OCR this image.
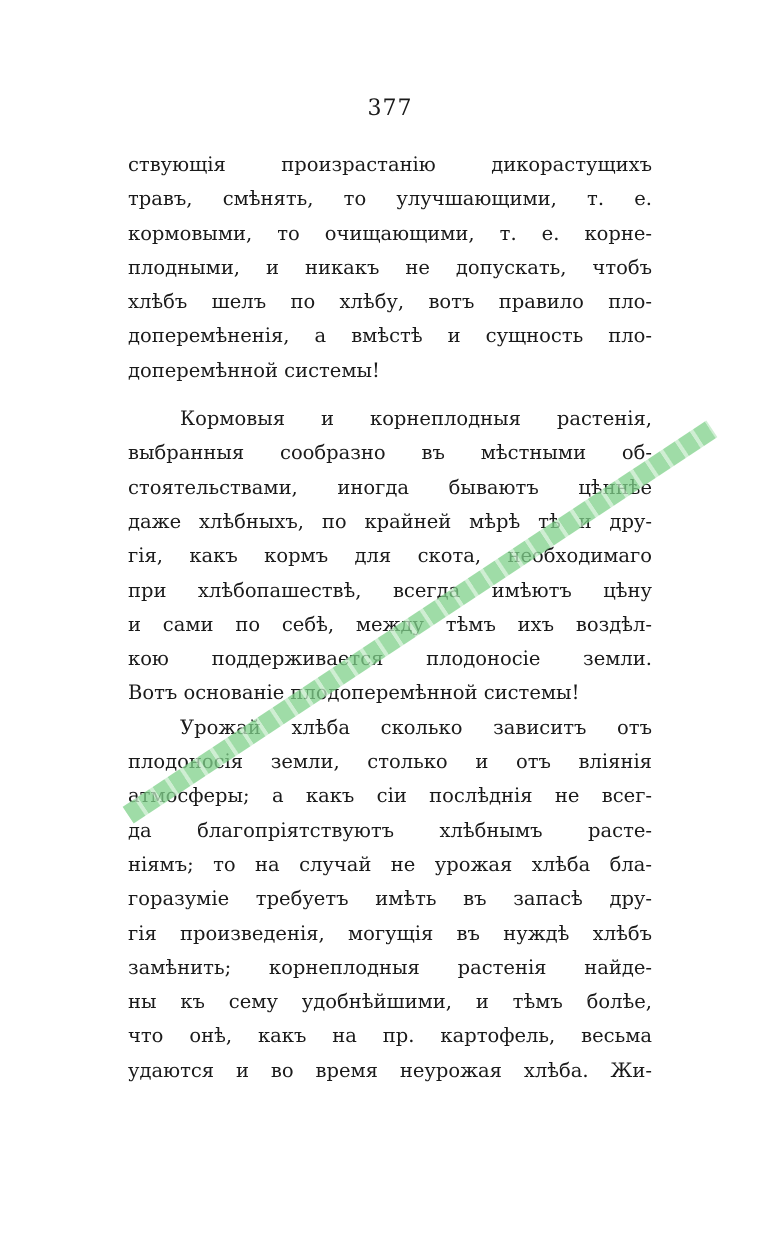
377
ствующія произрастанію дикорастущихъ
травъ, смѣнять, то улучшающими, т. е.
кормовыми, то очищающими, т. е. корне-
плодными, и никакъ не допускать, чтобъ
хлѣбъ шелъ по хлѣбу, вотъ правило пло-
доперемѣненія, а вмѣстѣ и сущность пло-
доперемѣнной системы!
Кормовыя и корнеплодныя растенія,
выбранныя сообразно въ мѣстными об-
стоятельствами, иногда бываютъ цѣннѣе
даже хлѣбныхъ, по крайней мѣрѣ тѣ и дру-
гія, какъ кормъ для скота, необходимаго
при хлѣбопашествѣ, всегда имѣютъ цѣну
и сами по себѣ, между тѣмъ ихъ воздѣл-
кою поддерживается плодоносіе земли.
Вотъ основаніе плодоперемѣнной системы!
Урожай хлѣба сколько зависитъ отъ
плодоносія земли, столько и отъ вліянія
атмосферы; а какъ сіи послѣднія не всег-
да благопріятствуютъ хлѣбнымъ расте-
ніямъ; то на случай не урожая хлѣба бла-
горазуміе требуетъ имѣть въ запасѣ дру-
гія произведенія, могущія въ нуждѣ хлѣбъ
замѣнить; корнеплодныя растенія найде-
ны къ сему удобнѣйшими, и тѣмъ болѣе,
что онѣ, какъ на пр. картофель, весьма
удаются и во время неурожая хлѣба. Жи-
